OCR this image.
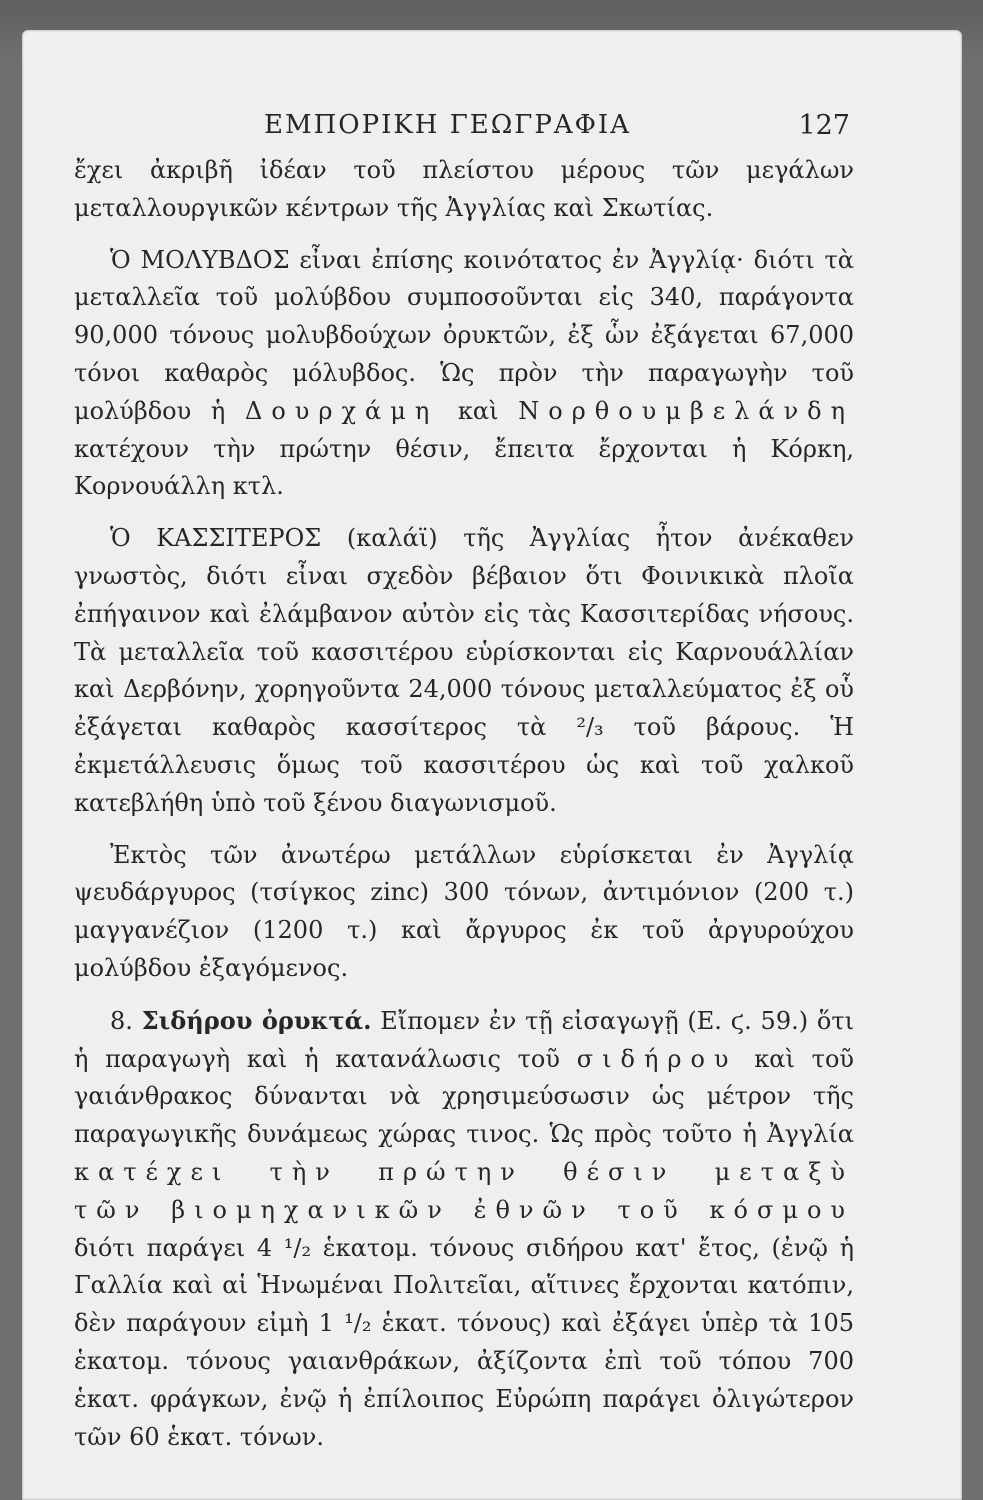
ΕΜΠΟΡΙΚΗ ΓΕΩΓΡΑΦΙΑ	127

ἔχει ἀκριβῆ ἰδέαν τοῦ πλείστου μέρους τῶν μεγάλων μεταλλουργικῶν κέντρων τῆς Ἀγγλίας καὶ Σκωτίας.

Ὁ ΜΟΛΥΒΔΟΣ εἶναι ἐπίσης κοινότατος ἐν Ἀγγλίᾳ· διότι τὰ μεταλλεῖα τοῦ μολύβδου συμποσοῦνται εἰς 340, παράγοντα 90,000 τόνους μολυβδούχων ὀρυκτῶν, ἐξ ὧν ἐξάγεται 67,000 τόνοι καθαρὸς μόλυβδος. Ὡς πρὸν τὴν παραγωγὴν τοῦ μολύβδου ἡ Δουρχάμη καὶ Νορθουμβελάνδη κατέχουν τὴν πρώτην θέσιν, ἔπειτα ἔρχονται ἡ Κόρκη, Κορνουάλλη κτλ.

Ὁ ΚΑΣΣΙΤΕΡΟΣ (καλάϊ) τῆς Ἀγγλίας ἦτον ἀνέκαθεν γνωστὸς, διότι εἶναι σχεδὸν βέβαιον ὅτι Φοινικικὰ πλοῖα ἐπήγαινον καὶ ἐλάμβανον αὐτὸν εἰς τὰς Κασσιτερίδας νήσους. Τὰ μεταλλεῖα τοῦ κασσιτέρου εὑρίσκονται εἰς Καρνουάλλίαν καὶ Δερβόνην, χορηγοῦντα 24,000 τόνους μεταλλεύματος ἐξ οὗ ἐξάγεται καθαρὸς κασσίτερος τὰ ²/₃ τοῦ βάρους. Ἡ ἐκμετάλλευσις ὅμως τοῦ κασσιτέρου ὡς καὶ τοῦ χαλκοῦ κατεβλήθη ὑπὸ τοῦ ξένου διαγωνισμοῦ.

Ἐκτὸς τῶν ἀνωτέρω μετάλλων εὑρίσκεται ἐν Ἀγγλίᾳ ψευδάργυρος (τσίγκος zinc) 300 τόνων, ἀντιμόνιον (200 τ.) μαγγανέζιον (1200 τ.) καὶ ἄργυρος ἐκ τοῦ ἀργυρούχου μολύβδου ἐξαγόμενος.

8. Σιδήρου ὀρυκτά. Εἴπομεν ἐν τῇ εἰσαγωγῇ (Ε. ϛ. 59.) ὅτι ἡ παραγωγὴ καὶ ἡ κατανάλωσις τοῦ σιδήρου καὶ τοῦ γαιάνθρακος δύνανται νὰ χρησιμεύσωσιν ὡς μέτρον τῆς παραγωγικῆς δυνάμεως χώρας τινος. Ὡς πρὸς τοῦτο ἡ Ἀγγλία κατέχει τὴν πρώτην θέσιν μεταξὺ τῶν βιομηχανικῶν ἐθνῶν τοῦ κόσμου διότι παράγει 4 ¹/₂ ἑκατομ. τόνους σιδήρου κατ' ἔτος, (ἐνῷ ἡ Γαλλία καὶ αἱ Ἡνωμέναι Πολιτεῖαι, αἵτινες ἔρχονται κατόπιν, δὲν παράγουν εἰμὴ 1 ¹/₂ ἑκατ. τόνους) καὶ ἐξάγει ὑπὲρ τὰ 105 ἑκατομ. τόνους γαιανθράκων, ἀξίζοντα ἐπὶ τοῦ τόπου 700 ἑκατ. φράγκων, ἐνῷ ἡ ἐπίλοιπος Εὐρώπη παράγει ὀλιγώτερον τῶν 60 ἑκατ. τόνων.
